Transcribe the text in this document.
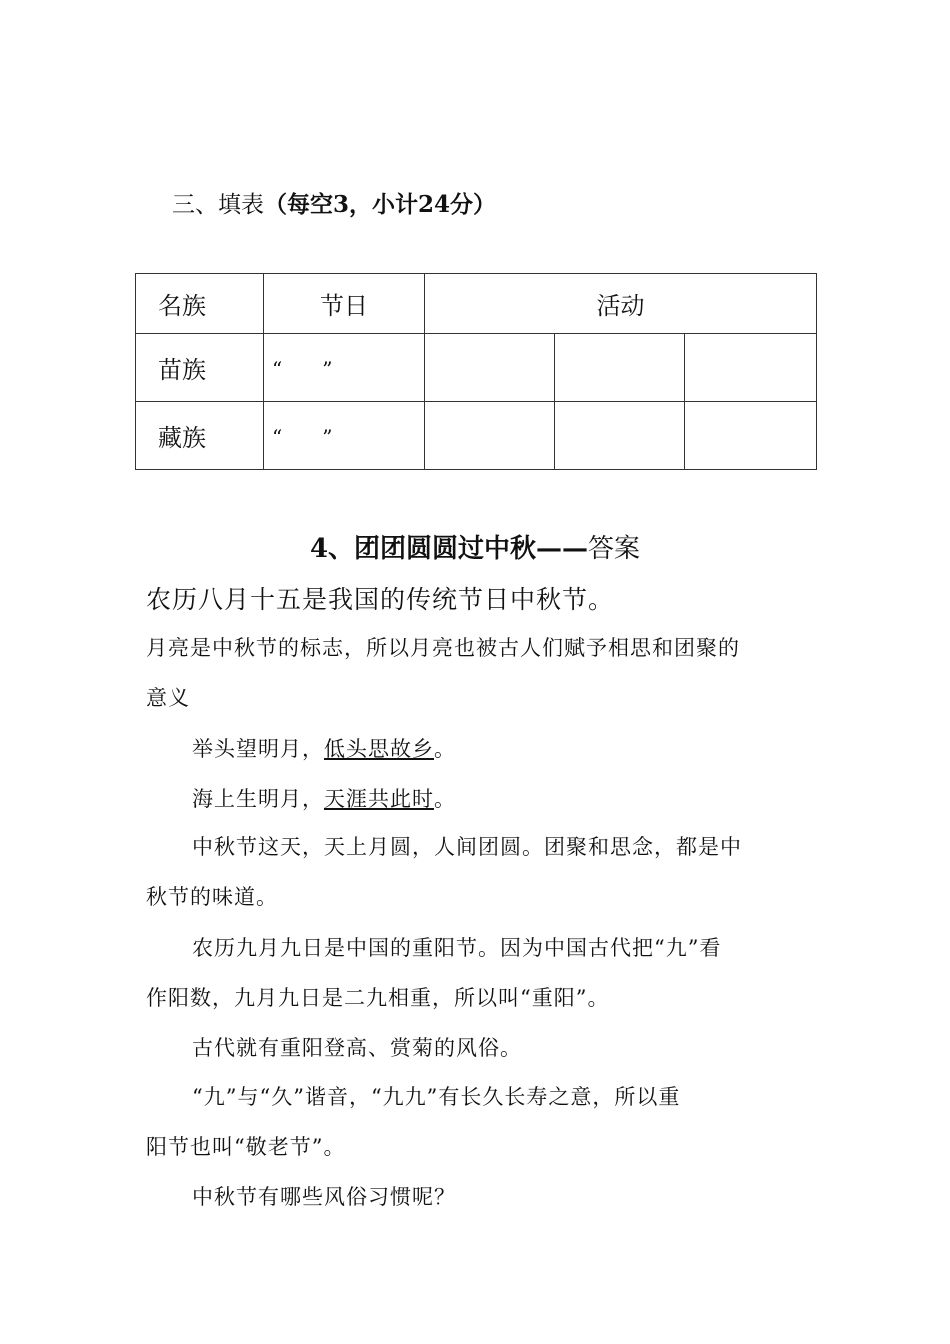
三、填表（每空3，小计24分）
名族	节日	活动		
苗族	“　　”			
藏族	“　　”			
4、团团圆圆过中秋——答案
农历八月十五是我国的传统节日中秋节。
月亮是中秋节的标志，所以月亮也被古人们赋予相思和团聚的
意义
举头望明月，低头思故乡。
海上生明月，天涯共此时。
中秋节这天，天上月圆，人间团圆。团聚和思念，都是中
秋节的味道。
农历九月九日是中国的重阳节。因为中国古代把“九”看
作阳数，九月九日是二九相重，所以叫“重阳”。
古代就有重阳登高、赏菊的风俗。
“九”与“久”谐音，“九九”有长久长寿之意，所以重
阳节也叫“敬老节”。
中秋节有哪些风俗习惯呢？
